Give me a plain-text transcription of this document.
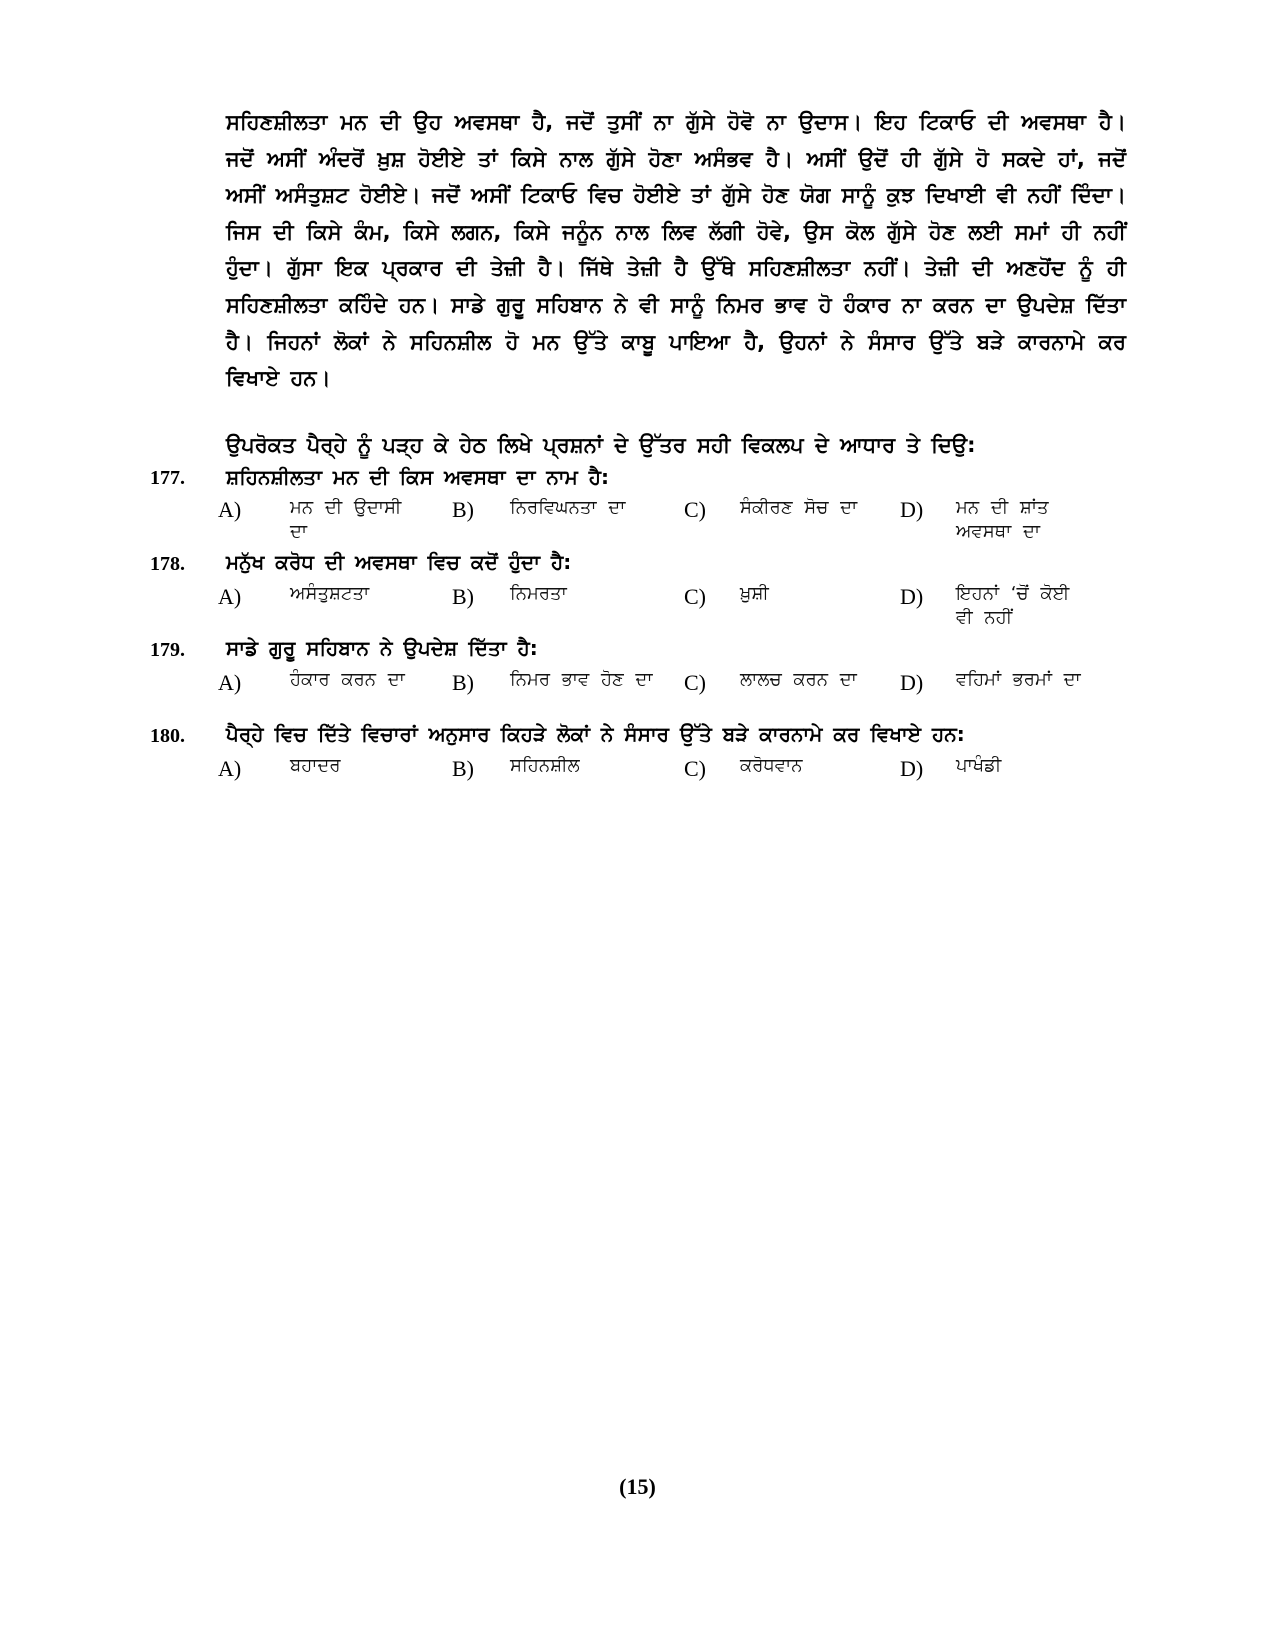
ਸਹਿਣਸ਼ੀਲਤਾ ਮਨ ਦੀ ਉਹ ਅਵਸਥਾ ਹੈ, ਜਦੋਂ ਤੁਸੀਂ ਨਾ ਗੁੱਸੇ ਹੋਵੋ ਨਾ ਉਦਾਸ। ਇਹ ਟਿਕਾਓ ਦੀ ਅਵਸਥਾ ਹੈ। ਜਦੋਂ ਅਸੀਂ ਅੰਦਰੋਂ ਖ਼ੁਸ਼ ਹੋਈਏ ਤਾਂ ਕਿਸੇ ਨਾਲ ਗੁੱਸੇ ਹੋਣਾ ਅਸੰਭਵ ਹੈ। ਅਸੀਂ ਉਦੋਂ ਹੀ ਗੁੱਸੇ ਹੋ ਸਕਦੇ ਹਾਂ, ਜਦੋਂ ਅਸੀਂ ਅਸੰਤੁਸ਼ਟ ਹੋਈਏ। ਜਦੋਂ ਅਸੀਂ ਟਿਕਾਓ ਵਿਚ ਹੋਈਏ ਤਾਂ ਗੁੱਸੇ ਹੋਣ ਯੋਗ ਸਾਨੂੰ ਕੁਝ ਦਿਖਾਈ ਵੀ ਨਹੀਂ ਦਿੰਦਾ। ਜਿਸ ਦੀ ਕਿਸੇ ਕੰਮ, ਕਿਸੇ ਲਗਨ, ਕਿਸੇ ਜਨੂੰਨ ਨਾਲ ਲਿਵ ਲੱਗੀ ਹੋਵੇ, ਉਸ ਕੋਲ ਗੁੱਸੇ ਹੋਣ ਲਈ ਸਮਾਂ ਹੀ ਨਹੀਂ ਹੁੰਦਾ। ਗੁੱਸਾ ਇਕ ਪ੍ਰਕਾਰ ਦੀ ਤੇਜ਼ੀ ਹੈ। ਜਿੱਥੇ ਤੇਜ਼ੀ ਹੈ ਉੱਥੇ ਸਹਿਣਸ਼ੀਲਤਾ ਨਹੀਂ। ਤੇਜ਼ੀ ਦੀ ਅਣਹੋਂਦ ਨੂੰ ਹੀ ਸਹਿਣਸ਼ੀਲਤਾ ਕਹਿੰਦੇ ਹਨ। ਸਾਡੇ ਗੁਰੂ ਸਹਿਬਾਨ ਨੇ ਵੀ ਸਾਨੂੰ ਨਿਮਰ ਭਾਵ ਹੋ ਹੰਕਾਰ ਨਾ ਕਰਨ ਦਾ ਉਪਦੇਸ਼ ਦਿੱਤਾ ਹੈ। ਜਿਹਨਾਂ ਲੋਕਾਂ ਨੇ ਸਹਿਨਸ਼ੀਲ ਹੋ ਮਨ ਉੱਤੇ ਕਾਬੂ ਪਾਇਆ ਹੈ, ਉਹਨਾਂ ਨੇ ਸੰਸਾਰ ਉੱਤੇ ਬੜੇ ਕਾਰਨਾਮੇ ਕਰ ਵਿਖਾਏ ਹਨ।

ਉਪਰੋਕਤ ਪੈਰ੍ਹੇ ਨੂੰ ਪੜ੍ਹ ਕੇ ਹੇਠ ਲਿਖੇ ਪ੍ਰਸ਼ਨਾਂ ਦੇ ਉੱਤਰ ਸਹੀ ਵਿਕਲਪ ਦੇ ਆਧਾਰ ਤੇ ਦਿਉ:

177. ਸ਼ਹਿਨਸ਼ੀਲਤਾ ਮਨ ਦੀ ਕਿਸ ਅਵਸਥਾ ਦਾ ਨਾਮ ਹੈ:
A)	ਮਨ ਦੀ ਉਦਾਸੀ ਦਾ
B) ਨਿਰਵਿਘਨਤਾ ਦਾ	C) ਸੰਕੀਰਣ ਸੋਚ ਦਾ	D) ਮਨ ਦੀ ਸ਼ਾਂਤ ਅਵਸਥਾ ਦਾ
178. ਮਨੁੱਖ ਕਰੋਧ ਦੀ ਅਵਸਥਾ ਵਿਚ ਕਦੋਂ ਹੁੰਦਾ ਹੈ:
A)	ਅਸੰਤੁਸ਼ਟਤਾ	B) ਨਿਮਰਤਾ	C) ਖ਼ੁਸ਼ੀ	D) ਇਹਨਾਂ ‘ਚੋਂ ਕੋਈ ਵੀ ਨਹੀਂ
179. ਸਾਡੇ ਗੁਰੂ ਸਹਿਬਾਨ ਨੇ ਉਪਦੇਸ਼ ਦਿੱਤਾ ਹੈ:
A)	ਹੰਕਾਰ ਕਰਨ ਦਾ	B) ਨਿਮਰ ਭਾਵ ਹੋਣ ਦਾ	C) ਲਾਲਚ ਕਰਨ ਦਾ	D) ਵਹਿਮਾਂ ਭਰਮਾਂ ਦਾ
180. ਪੈਰ੍ਹੇ ਵਿਚ ਦਿੱਤੇ ਵਿਚਾਰਾਂ ਅਨੁਸਾਰ ਕਿਹੜੇ ਲੋਕਾਂ ਨੇ ਸੰਸਾਰ ਉੱਤੇ ਬੜੇ ਕਾਰਨਾਮੇ ਕਰ ਵਿਖਾਏ ਹਨ:
A)	ਬਹਾਦਰ	B) ਸਹਿਨਸ਼ੀਲ	C) ਕਰੋਧਵਾਨ	D) ਪਾਖੰਡੀ
(15)
